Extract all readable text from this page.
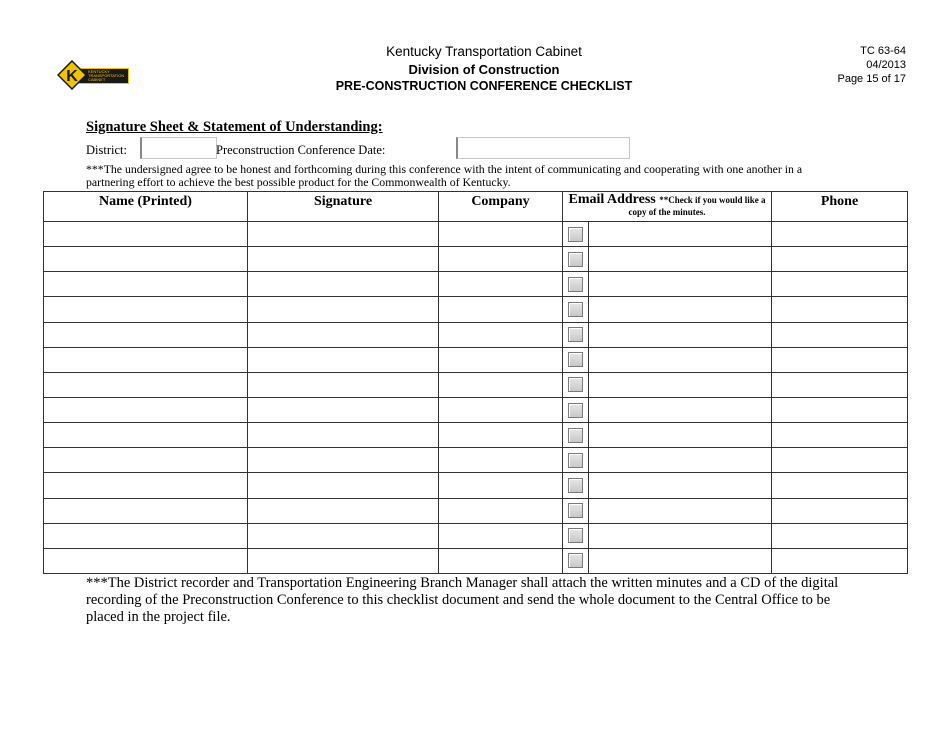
KENTUCKY
TRANSPORTATION
CABINET
K
Kentucky Transportation Cabinet
Division of Construction
PRE-CONSTRUCTION CONFERENCE CHECKLIST
TC 63-64
04/2013
Page 15 of 17
Signature Sheet & Statement of Understanding:
District:	Preconstruction Conference Date:
***The undersigned agree to be honest and forthcoming during this conference with the intent of communicating and cooperating with one another in a partnering effort to achieve the best possible product for the Commonwealth of Kentucky.
Name (Printed)	Signature	Company	Email Address **Check if you would like a copy of the minutes.		Phone

***The District recorder and Transportation Engineering Branch Manager shall attach the written minutes and a CD of the digital recording of the Preconstruction Conference to this checklist document and send the whole document to the Central Office to be placed in the project file.
